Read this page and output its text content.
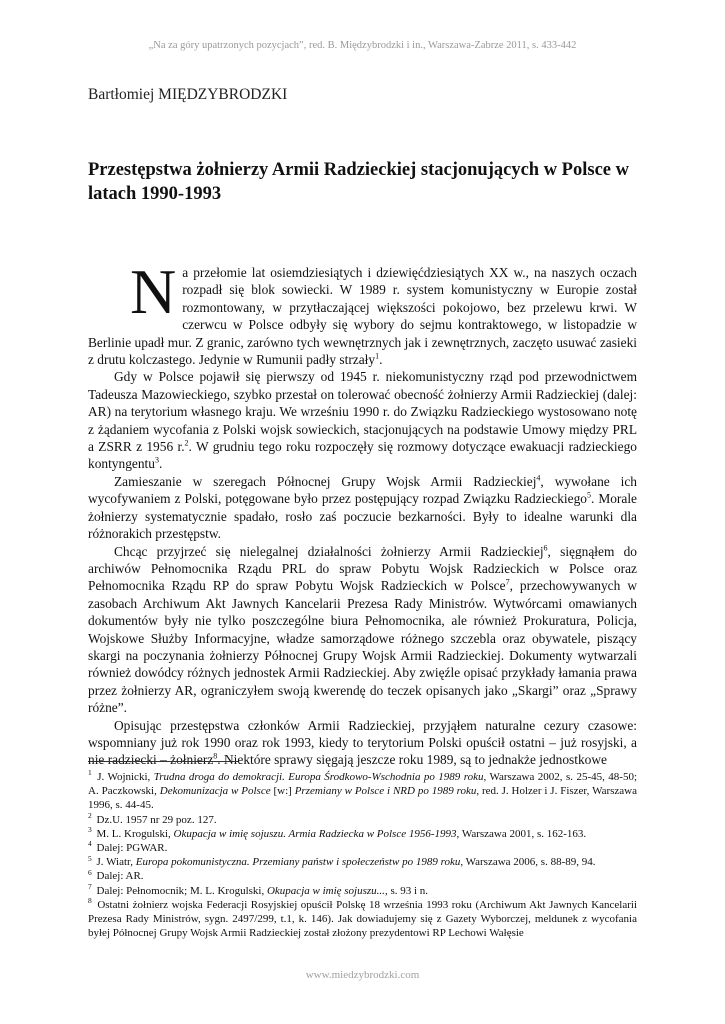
„Na za góry upatrzonych pozycjach”, red. B. Międzybrodzki i in., Warszawa-Zabrze 2011, s. 433-442
Bartłomiej MIĘDZYBRODZKI
Przestępstwa żołnierzy Armii Radzieckiej stacjonujących w Polsce w latach 1990-1993

Na przełomie lat osiemdziesiątych i dziewięćdziesiątych XX w., na naszych oczach rozpadł się blok sowiecki. W 1989 r. system komunistyczny w Europie został rozmontowany, w przytłaczającej większości pokojowo, bez przelewu krwi. W czerwcu w Polsce odbyły się wybory do sejmu kontraktowego, w listopadzie w Berlinie upadł mur. Z granic, zarówno tych wewnętrznych jak i zewnętrznych, zaczęto usuwać zasieki z drutu kolczastego. Jedynie w Rumunii padły strzały$^1$.

Gdy w Polsce pojawił się pierwszy od 1945 r. niekomunistyczny rząd pod przewodnictwem Tadeusza Mazowieckiego, szybko przestał on tolerować obecność żołnierzy Armii Radzieckiej (dalej: AR) na terytorium własnego kraju. We wrześniu 1990 r. do Związku Radzieckiego wystosowano notę z żądaniem wycofania z Polski wojsk sowieckich, stacjonujących na podstawie Umowy między PRL a ZSRR z 1956 r.$^2$. W grudniu tego roku rozpoczęły się rozmowy dotyczące ewakuacji radzieckiego kontyngentu$^3$.

Zamieszanie w szeregach Północnej Grupy Wojsk Armii Radzieckiej$^4$, wywołane ich wycofywaniem z Polski, potęgowane było przez postępujący rozpad Związku Radzieckiego$^5$. Morale żołnierzy systematycznie spadało, rosło zaś poczucie bezkarności. Były to idealne warunki dla różnorakich przestępstw.

Chcąc przyjrzeć się nielegalnej działalności żołnierzy Armii Radzieckiej$^6$, sięgnąłem do archiwów Pełnomocnika Rządu PRL do spraw Pobytu Wojsk Radzieckich w Polsce oraz Pełnomocnika Rządu RP do spraw Pobytu Wojsk Radzieckich w Polsce$^7$, przechowywanych w zasobach Archiwum Akt Jawnych Kancelarii Prezesa Rady Ministrów. Wytwórcami omawianych dokumentów były nie tylko poszczególne biura Pełnomocnika, ale również Prokuratura, Policja, Wojskowe Służby Informacyjne, władze samorządowe różnego szczebla oraz obywatele, piszący skargi na poczynania żołnierzy Północnej Grupy Wojsk Armii Radzieckiej. Dokumenty wytwarzali również dowódcy różnych jednostek Armii Radzieckiej. Aby zwięźle opisać przykłady łamania prawa przez żołnierzy AR, ograniczyłem swoją kwerendę do teczek opisanych jako „Skargi” oraz „Sprawy różne”.

Opisując przestępstwa członków Armii Radzieckiej, przyjąłem naturalne cezury czasowe: wspomniany już rok 1990 oraz rok 1993, kiedy to terytorium Polski opuścił ostatni – już rosyjski, a nie radziecki – żołnierz$^8$. Niektóre sprawy sięgają jeszcze roku 1989, są to jednakże jednostkowe

$^1$ J. Wojnicki, Trudna droga do demokracji. Europa Środkowo-Wschodnia po 1989 roku, Warszawa 2002, s. 25-45, 48-50; A. Paczkowski, Dekomunizacja w Polsce [w:] Przemiany w Polsce i NRD po 1989 roku, red. J. Holzer i J. Fiszer, Warszawa 1996, s. 44-45.

$^2$ Dz.U. 1957 nr 29 poz. 127.

$^3$ M. L. Krogulski, Okupacja w imię sojuszu. Armia Radziecka w Polsce 1956-1993, Warszawa 2001, s. 162-163.

$^4$ Dalej: PGWAR.

$^5$ J. Wiatr, Europa pokomunistyczna. Przemiany państw i społeczeństw po 1989 roku, Warszawa 2006, s. 88-89, 94.

$^6$ Dalej: AR.

$^7$ Dalej: Pełnomocnik; M. L. Krogulski, Okupacja w imię sojuszu..., s. 93 i n.

$^8$ Ostatni żołnierz wojska Federacji Rosyjskiej opuścił Polskę 18 września 1993 roku (Archiwum Akt Jawnych Kancelarii Prezesa Rady Ministrów, sygn. 2497/299, t.1, k. 146). Jak dowiadujemy się z Gazety Wyborczej, meldunek z wycofania byłej Północnej Grupy Wojsk Armii Radzieckiej został złożony prezydentowi RP Lechowi Wałęsie

www.miedzybrodzki.com
